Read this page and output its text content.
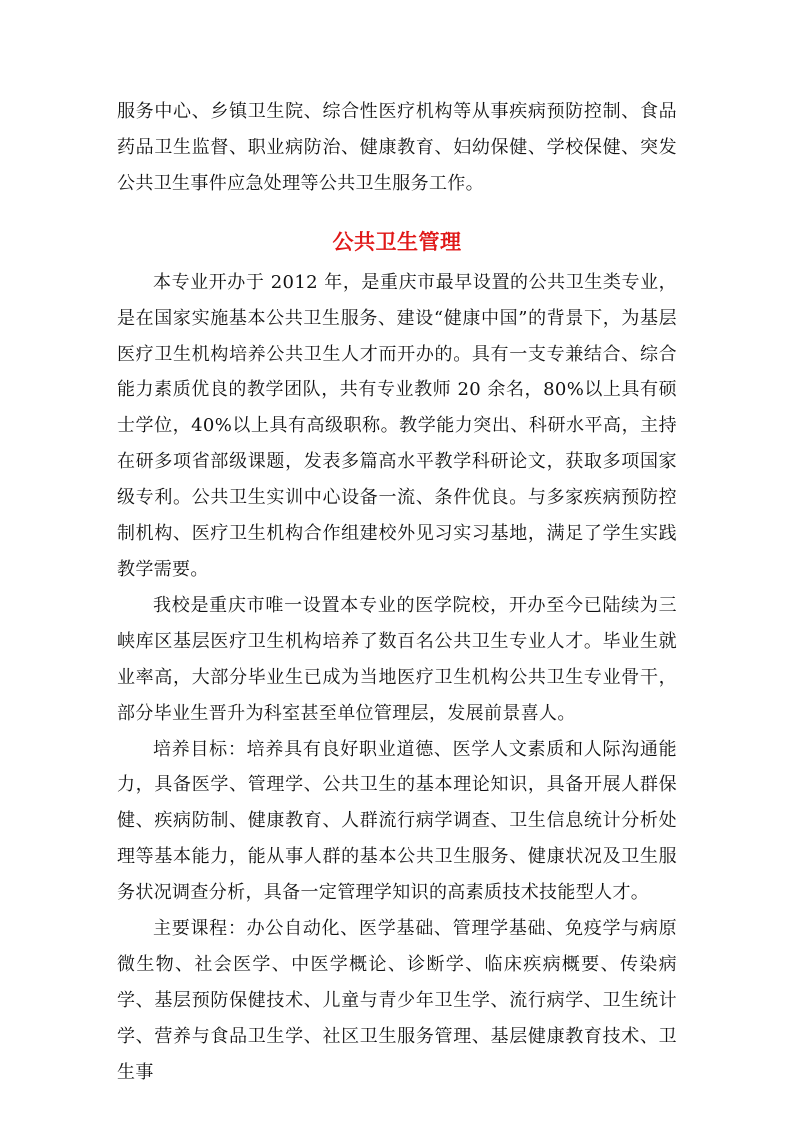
服务中心、乡镇卫生院、综合性医疗机构等从事疾病预防控制、食品药品卫生监督、职业病防治、健康教育、妇幼保健、学校保健、突发公共卫生事件应急处理等公共卫生服务工作。

公共卫生管理

本专业开办于 2012 年，是重庆市最早设置的公共卫生类专业，是在国家实施基本公共卫生服务、建设“健康中国”的背景下，为基层医疗卫生机构培养公共卫生人才而开办的。具有一支专兼结合、综合能力素质优良的教学团队，共有专业教师 20 余名，80%以上具有硕士学位，40%以上具有高级职称。教学能力突出、科研水平高，主持在研多项省部级课题，发表多篇高水平教学科研论文，获取多项国家级专利。公共卫生实训中心设备一流、条件优良。与多家疾病预防控制机构、医疗卫生机构合作组建校外见习实习基地，满足了学生实践教学需要。

我校是重庆市唯一设置本专业的医学院校，开办至今已陆续为三峡库区基层医疗卫生机构培养了数百名公共卫生专业人才。毕业生就业率高，大部分毕业生已成为当地医疗卫生机构公共卫生专业骨干，部分毕业生晋升为科室甚至单位管理层，发展前景喜人。

培养目标：培养具有良好职业道德、医学人文素质和人际沟通能力，具备医学、管理学、公共卫生的基本理论知识，具备开展人群保健、疾病防制、健康教育、人群流行病学调查、卫生信息统计分析处理等基本能力，能从事人群的基本公共卫生服务、健康状况及卫生服务状况调查分析，具备一定管理学知识的高素质技术技能型人才。

主要课程：办公自动化、医学基础、管理学基础、免疫学与病原微生物、社会医学、中医学概论、诊断学、临床疾病概要、传染病学、基层预防保健技术、儿童与青少年卫生学、流行病学、卫生统计学、营养与食品卫生学、社区卫生服务管理、基层健康教育技术、卫生事
